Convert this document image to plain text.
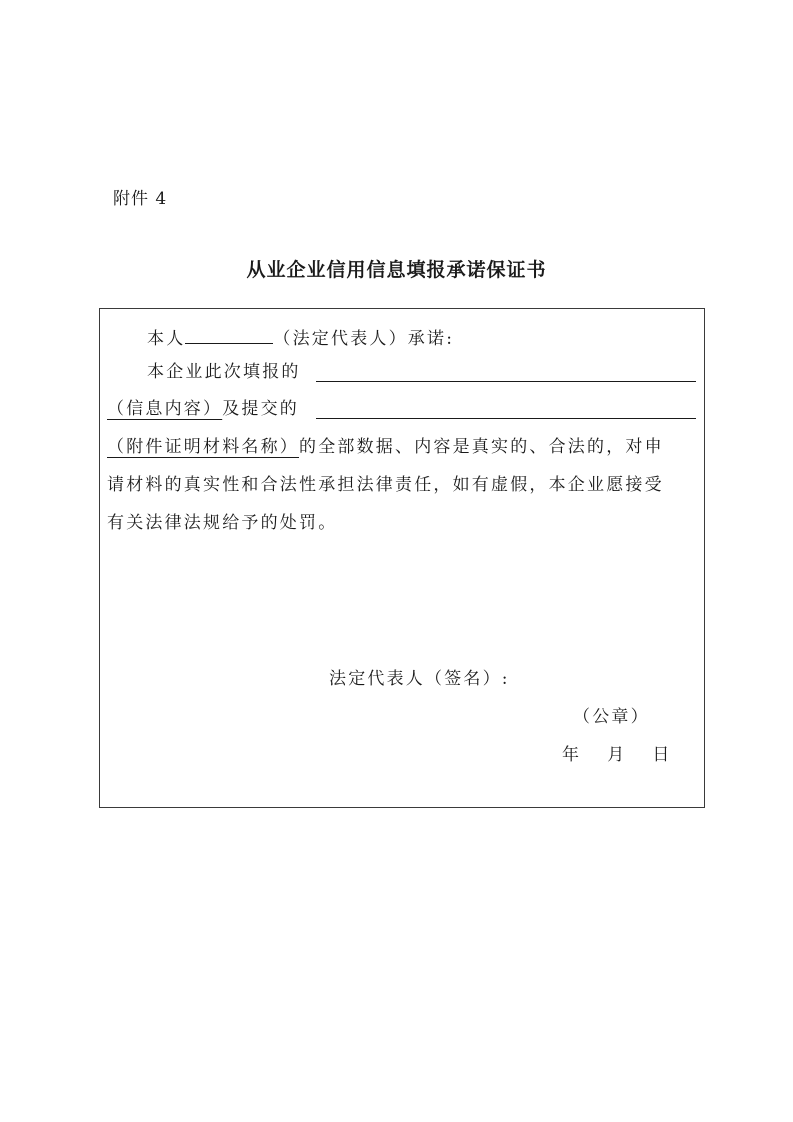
附件 4
从业企业信用信息填报承诺保证书
本人	（法定代表人）承诺:
本企业此次填报的
（信息内容）及提交的
（附件证明材料名称）的全部数据、内容是真实的、合法的，对申
请材料的真实性和合法性承担法律责任，如有虚假，本企业愿接受
有关法律法规给予的处罚。
法定代表人（签名）:
（公章）
年 月 日
